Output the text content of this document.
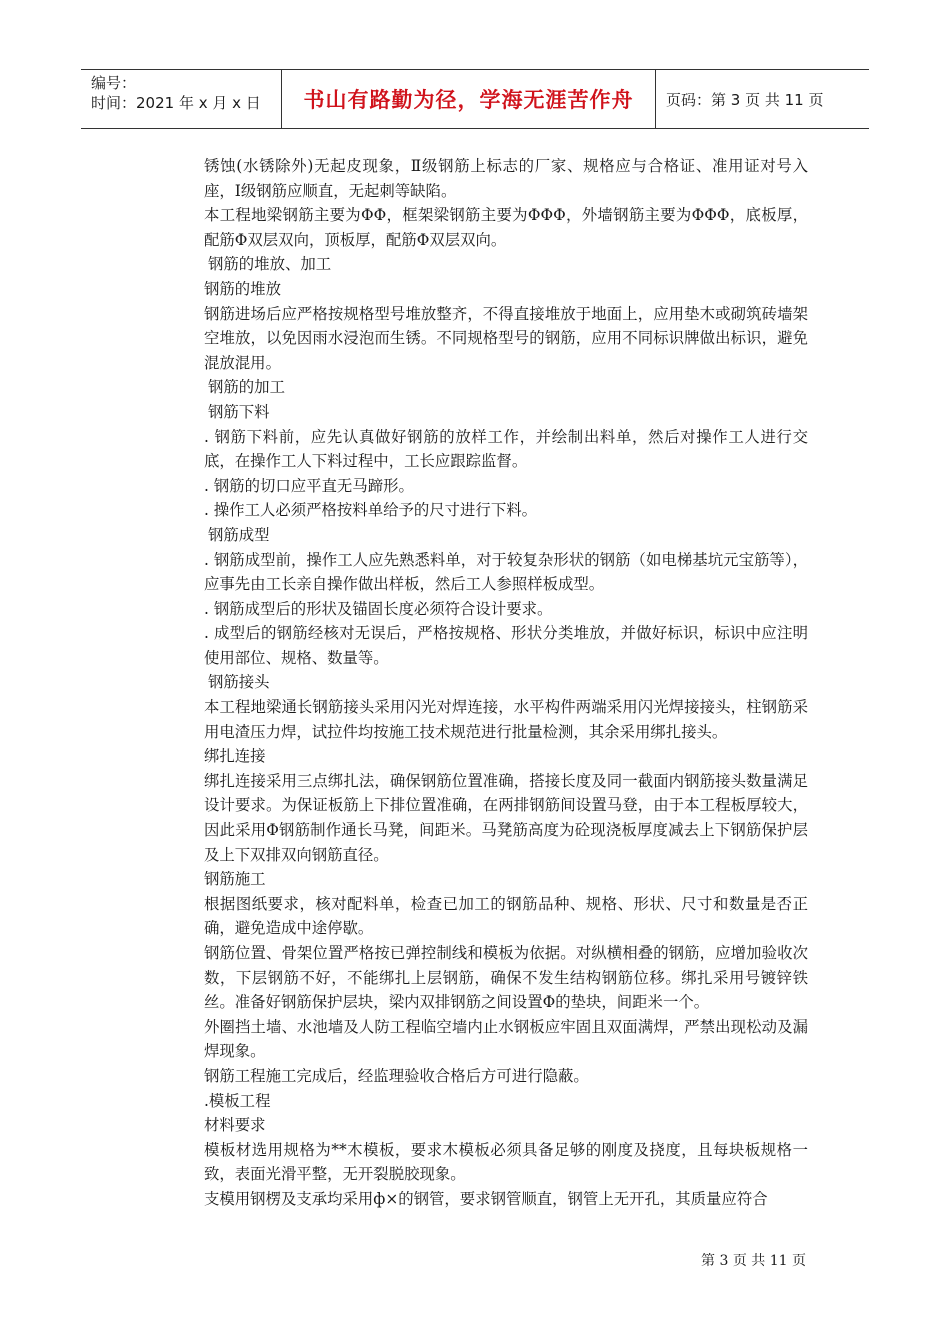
编号：
时间：2021 年 x 月 x 日	书山有路勤为径，学海无涯苦作舟	页码：第 3 页 共 11 页

锈蚀(水锈除外)无起皮现象，Ⅱ级钢筋上标志的厂家、规格应与合格证、准用证对号入座，Ⅰ级钢筋应顺直，无起刺等缺陷。

本工程地梁钢筋主要为ΦΦ，框架梁钢筋主要为ΦΦΦ，外墙钢筋主要为ΦΦΦ，底板厚，配筋Φ双层双向，顶板厚，配筋Φ双层双向。

钢筋的堆放、加工

钢筋的堆放

钢筋进场后应严格按规格型号堆放整齐，不得直接堆放于地面上，应用垫木或砌筑砖墙架空堆放，以免因雨水浸泡而生锈。不同规格型号的钢筋，应用不同标识牌做出标识，避免混放混用。

钢筋的加工

钢筋下料

. 钢筋下料前，应先认真做好钢筋的放样工作，并绘制出料单，然后对操作工人进行交底，在操作工人下料过程中，工长应跟踪监督。

. 钢筋的切口应平直无马蹄形。

. 操作工人必须严格按料单给予的尺寸进行下料。

钢筋成型

. 钢筋成型前，操作工人应先熟悉料单，对于较复杂形状的钢筋（如电梯基坑元宝筋等），应事先由工长亲自操作做出样板，然后工人参照样板成型。

. 钢筋成型后的形状及锚固长度必须符合设计要求。

. 成型后的钢筋经核对无误后，严格按规格、形状分类堆放，并做好标识，标识中应注明使用部位、规格、数量等。

钢筋接头

本工程地梁通长钢筋接头采用闪光对焊连接，水平构件两端采用闪光焊接接头，柱钢筋采用电渣压力焊，试拉件均按施工技术规范进行批量检测，其余采用绑扎接头。

绑扎连接

绑扎连接采用三点绑扎法，确保钢筋位置准确，搭接长度及同一截面内钢筋接头数量满足设计要求。为保证板筋上下排位置准确，在两排钢筋间设置马登，由于本工程板厚较大，因此采用Φ钢筋制作通长马凳，间距米。马凳筋高度为砼现浇板厚度减去上下钢筋保护层及上下双排双向钢筋直径。

钢筋施工

根据图纸要求，核对配料单，检查已加工的钢筋品种、规格、形状、尺寸和数量是否正确，避免造成中途停歇。

钢筋位置、骨架位置严格按已弹控制线和模板为依据。对纵横相叠的钢筋，应增加验收次数，下层钢筋不好，不能绑扎上层钢筋，确保不发生结构钢筋位移。绑扎采用号镀锌铁丝。准备好钢筋保护层块，梁内双排钢筋之间设置Φ的垫块，间距米一个。

外圈挡土墙、水池墙及人防工程临空墙内止水钢板应牢固且双面满焊，严禁出现松动及漏焊现象。

钢筋工程施工完成后，经监理验收合格后方可进行隐蔽。

.模板工程

材料要求

模板材选用规格为**木模板，要求木模板必须具备足够的刚度及挠度，且每块板规格一致，表面光滑平整，无开裂脱胶现象。

支模用钢楞及支承均采用ф×的钢管，要求钢管顺直，钢管上无开孔，其质量应符合

第 3 页 共 11 页
